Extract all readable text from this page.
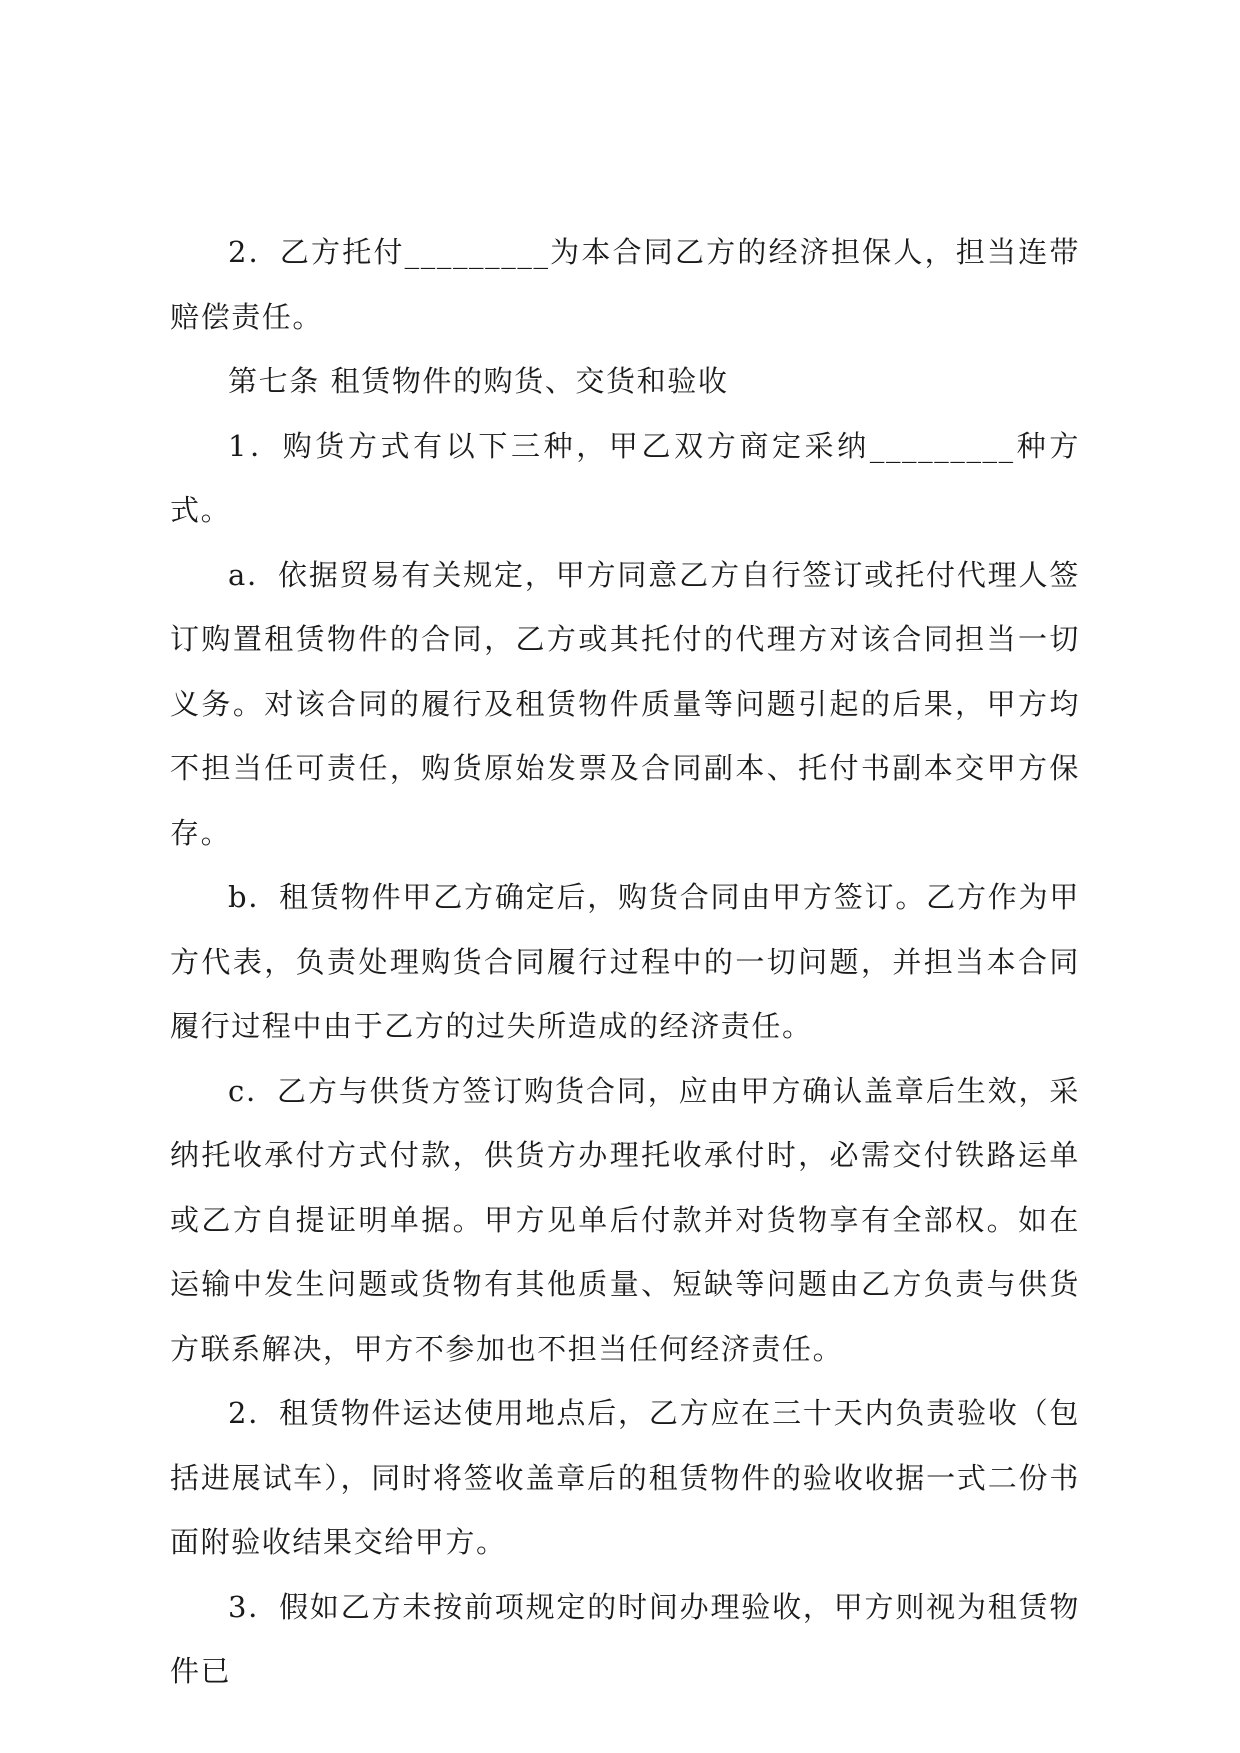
2．乙方托付_________为本合同乙方的经济担保人，担当连带赔偿责任。

第七条 租赁物件的购货、交货和验收

1．购货方式有以下三种，甲乙双方商定采纳_________种方式。

a．依据贸易有关规定，甲方同意乙方自行签订或托付代理人签订购置租赁物件的合同，乙方或其托付的代理方对该合同担当一切义务。对该合同的履行及租赁物件质量等问题引起的后果，甲方均不担当任可责任，购货原始发票及合同副本、托付书副本交甲方保存。

b．租赁物件甲乙方确定后，购货合同由甲方签订。乙方作为甲方代表，负责处理购货合同履行过程中的一切问题，并担当本合同履行过程中由于乙方的过失所造成的经济责任。

c．乙方与供货方签订购货合同，应由甲方确认盖章后生效，采纳托收承付方式付款，供货方办理托收承付时，必需交付铁路运单或乙方自提证明单据。甲方见单后付款并对货物享有全部权。如在运输中发生问题或货物有其他质量、短缺等问题由乙方负责与供货方联系解决，甲方不参加也不担当任何经济责任。

2．租赁物件运达使用地点后，乙方应在三十天内负责验收（包括进展试车），同时将签收盖章后的租赁物件的验收收据一式二份书面附验收结果交给甲方。

3．假如乙方未按前项规定的时间办理验收，甲方则视为租赁物件已
